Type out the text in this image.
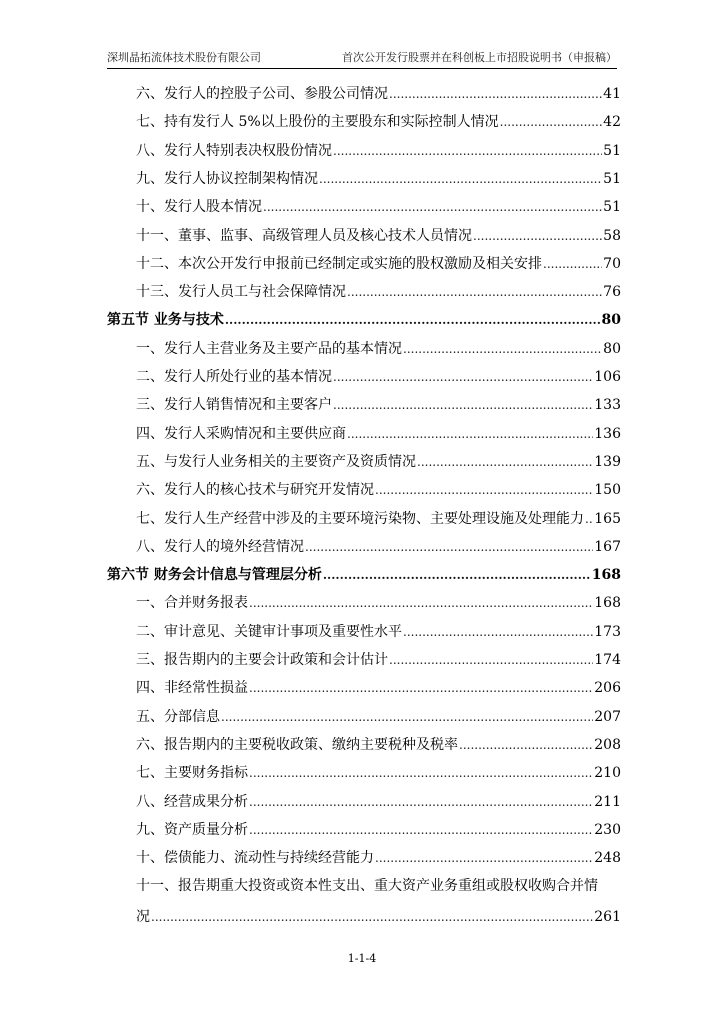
深圳晶拓流体技术股份有限公司	首次公开发行股票并在科创板上市招股说明书（申报稿）
六、发行人的控股子公司、参股公司情况 .....	41
七、持有发行人 5%以上股份的主要股东和实际控制人情况 .....	42
八、发行人特别表决权股份情况 .....	51
九、发行人协议控制架构情况 .....	51
十、发行人股本情况 .....	51
十一、董事、监事、高级管理人员及核心技术人员情况 .....	58
十二、本次公开发行申报前已经制定或实施的股权激励及相关安排 .....	70
十三、发行人员工与社会保障情况 .....	76
第五节 业务与技术 .....	80
一、发行人主营业务及主要产品的基本情况 .....	80
二、发行人所处行业的基本情况 .....	106
三、发行人销售情况和主要客户 .....	133
四、发行人采购情况和主要供应商 .....	136
五、与发行人业务相关的主要资产及资质情况 .....	139
六、发行人的核心技术与研究开发情况 .....	150
七、发行人生产经营中涉及的主要环境污染物、主要处理设施及处理能力 ..... 165
八、发行人的境外经营情况 .....	167
第六节 财务会计信息与管理层分析 .....	168
一、合并财务报表 .....	168
二、审计意见、关键审计事项及重要性水平 .....	173
三、报告期内的主要会计政策和会计估计 .....	174
四、非经常性损益 .....	206
五、分部信息 .....	207
六、报告期内的主要税收政策、缴纳主要税种及税率 .....	208
七、主要财务指标 .....	210
八、经营成果分析 .....	211
九、资产质量分析 .....	230
十、偿债能力、流动性与持续经营能力 .....	248
十一、报告期重大投资或资本性支出、重大资产业务重组或股权收购合并情
况 .....	261
1-1-4
